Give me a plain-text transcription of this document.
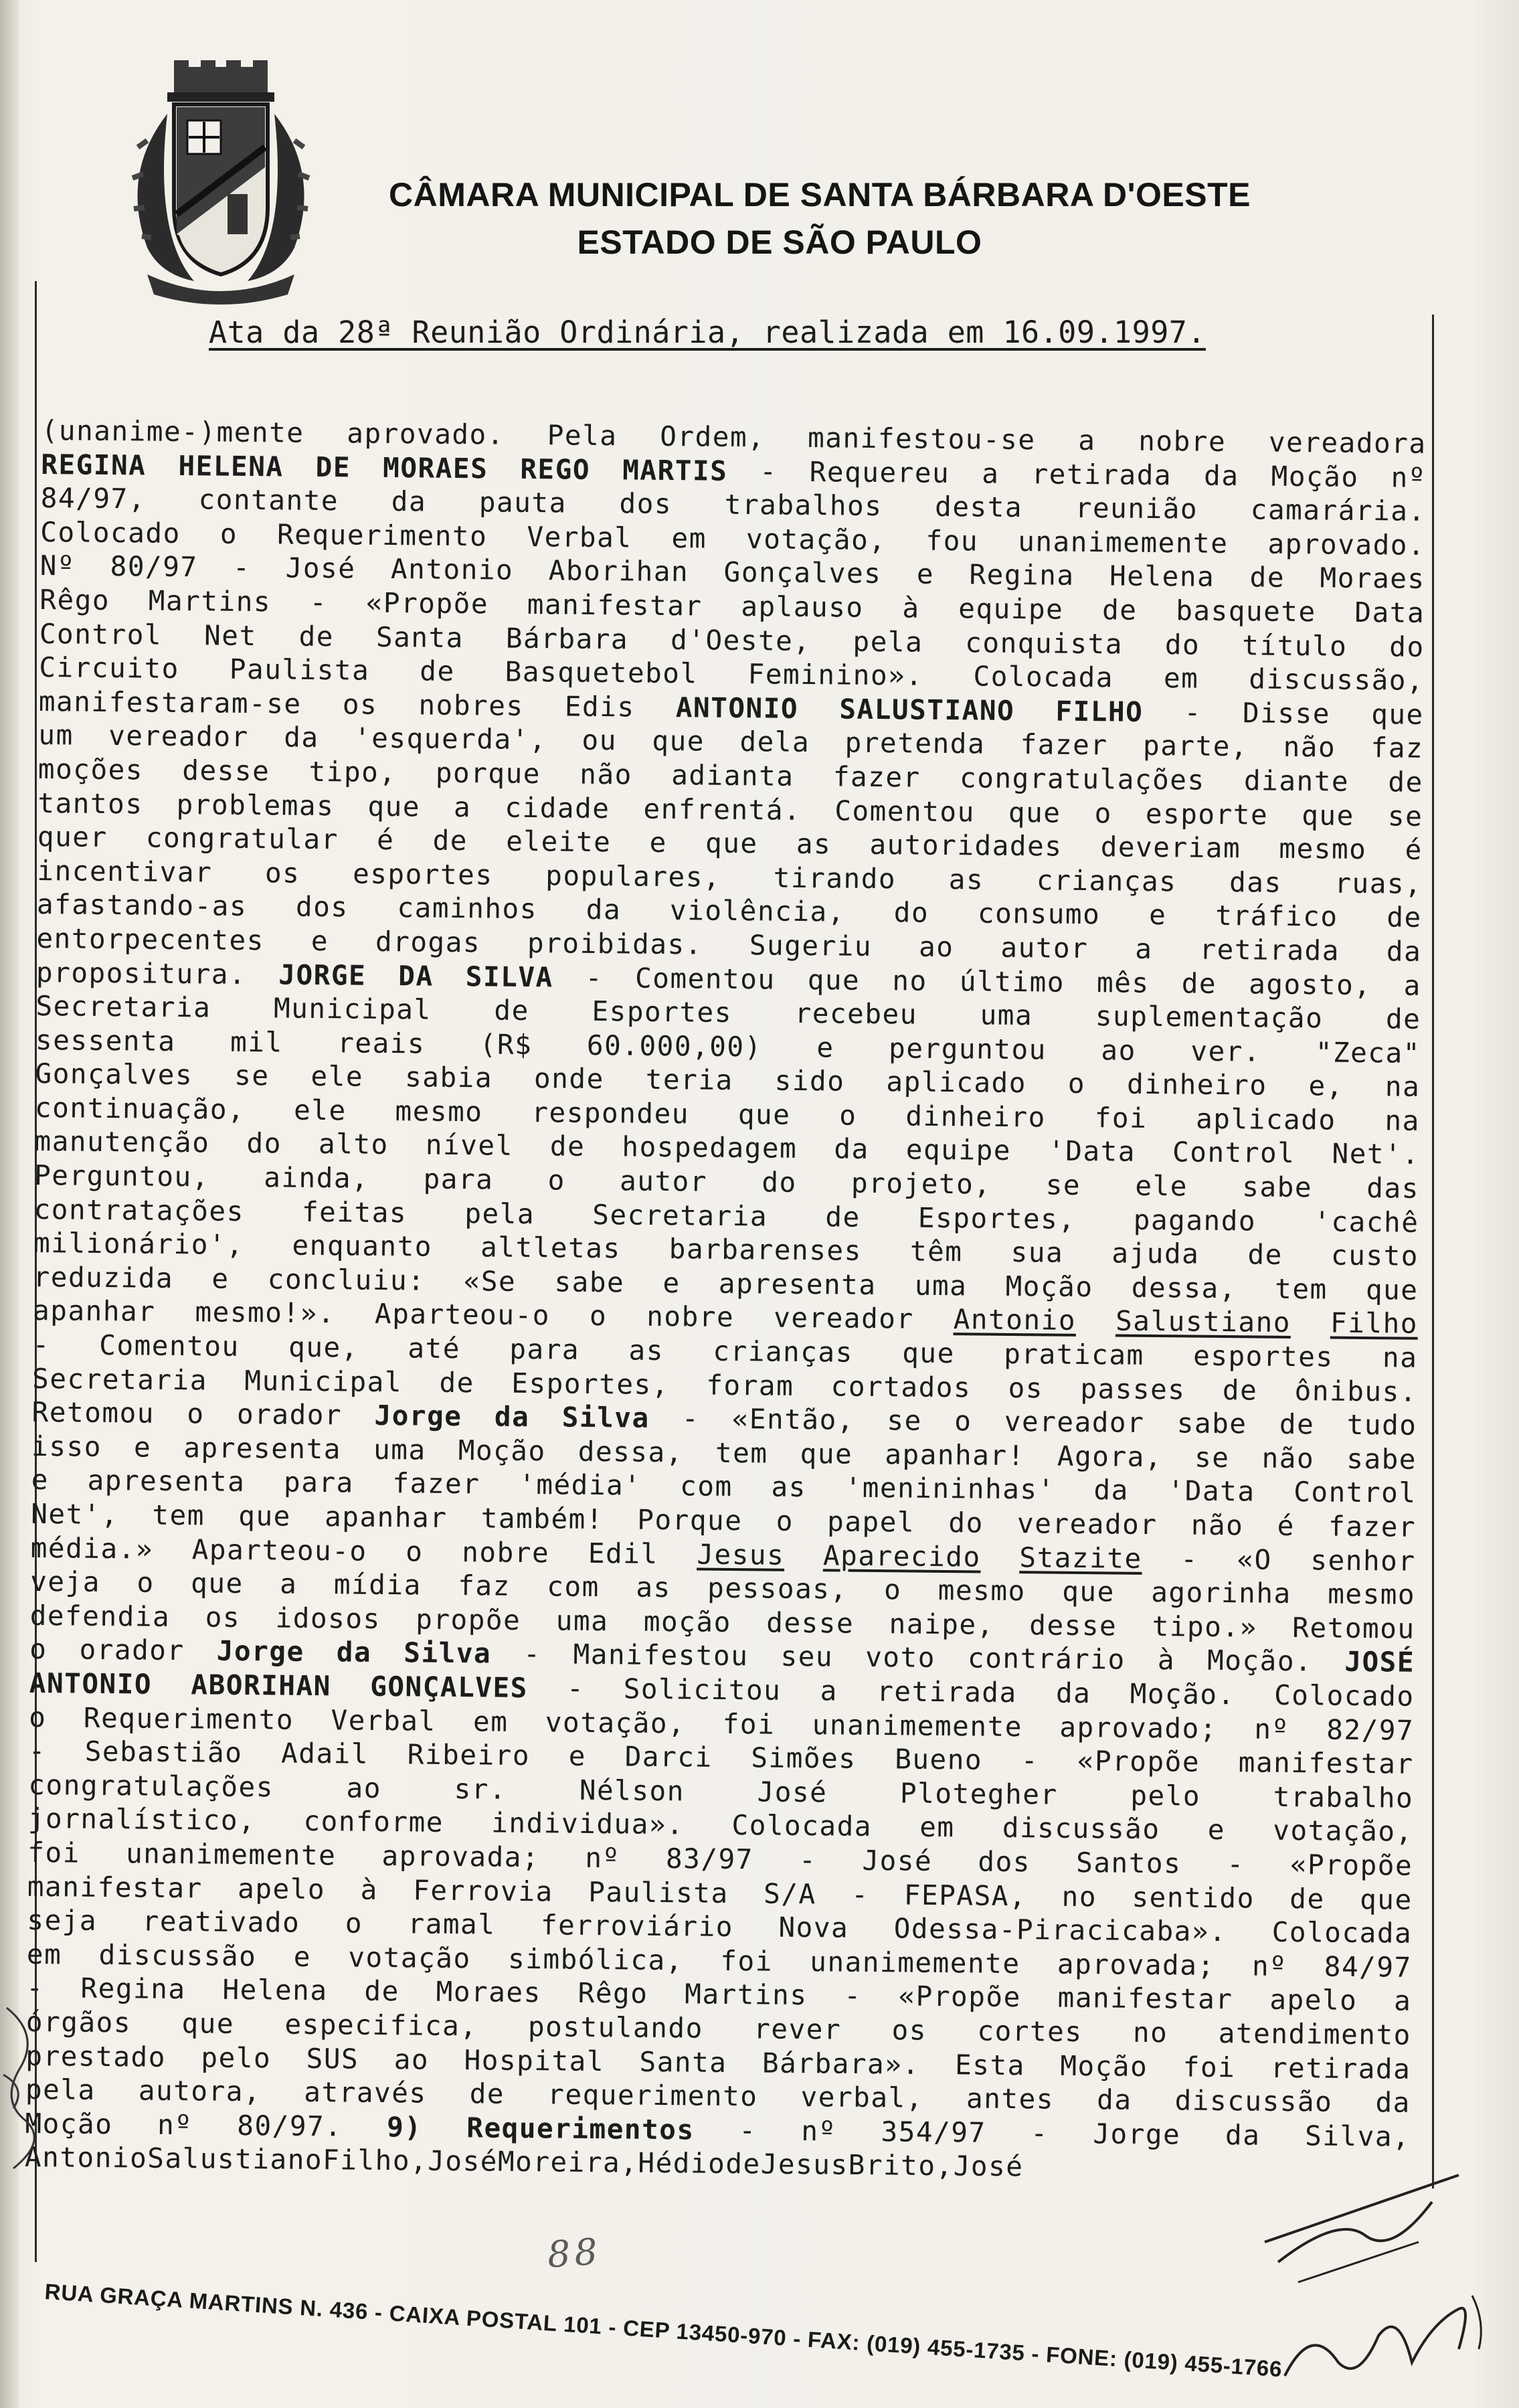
CÂMARA MUNICIPAL DE SANTA BÁRBARA D'OESTE
ESTADO DE SÃO PAULO
Ata da 28ª Reunião Ordinária, realizada em 16.09.1997.
(unanime-)mente aprovado. Pela Ordem, manifestou-se a nobre vereadora
REGINA HELENA DE MORAES REGO MARTIS - Requereu a retirada da Moção nº
84/97, contante da pauta dos trabalhos desta reunião camarária.
Colocado o Requerimento Verbal em votação, fou unanimemente aprovado.
Nº 80/97 - José Antonio Aborihan Gonçalves e Regina Helena de Moraes
Rêgo Martins - «Propõe manifestar aplauso à equipe de basquete Data
Control Net de Santa Bárbara d'Oeste, pela conquista do título do
Circuito Paulista de Basquetebol Feminino». Colocada em discussão,
manifestaram-se os nobres Edis ANTONIO SALUSTIANO FILHO - Disse que
um vereador da 'esquerda', ou que dela pretenda fazer parte, não faz
moções desse tipo, porque não adianta fazer congratulações diante de
tantos problemas que a cidade enfrentá. Comentou que o esporte que se
quer congratular é de eleite e que as autoridades deveriam mesmo é
incentivar os esportes populares, tirando as crianças das ruas,
afastando-as dos caminhos da violência, do consumo e tráfico de
entorpecentes e drogas proibidas. Sugeriu ao autor a retirada da
propositura. JORGE DA SILVA - Comentou que no último mês de agosto, a
Secretaria Municipal de Esportes recebeu uma suplementação de
sessenta mil reais (R$ 60.000,00) e perguntou ao ver. "Zeca"
Gonçalves se ele sabia onde teria sido aplicado o dinheiro e, na
continuação, ele mesmo respondeu que o dinheiro foi aplicado na
manutenção do alto nível de hospedagem da equipe 'Data Control Net'.
Perguntou, ainda, para o autor do projeto, se ele sabe das
contratações feitas pela Secretaria de Esportes, pagando 'cachê
milionário', enquanto altletas barbarenses têm sua ajuda de custo
reduzida e concluiu: «Se sabe e apresenta uma Moção dessa, tem que
apanhar mesmo!». Aparteou-o o nobre vereador Antonio Salustiano Filho
- Comentou que, até para as crianças que praticam esportes na
Secretaria Municipal de Esportes, foram cortados os passes de ônibus.
Retomou o orador Jorge da Silva - «Então, se o vereador sabe de tudo
isso e apresenta uma Moção dessa, tem que apanhar! Agora, se não sabe
e apresenta para fazer 'média' com as 'menininhas' da 'Data Control
Net', tem que apanhar também! Porque o papel do vereador não é fazer
média.» Aparteou-o o nobre Edil Jesus Aparecido Stazite - «O senhor
veja o que a mídia faz com as pessoas, o mesmo que agorinha mesmo
defendia os idosos propõe uma moção desse naipe, desse tipo.» Retomou
o orador Jorge da Silva - Manifestou seu voto contrário à Moção. JOSÉ
ANTONIO ABORIHAN GONÇALVES - Solicitou a retirada da Moção. Colocado
o Requerimento Verbal em votação, foi unanimemente aprovado; nº 82/97
- Sebastião Adail Ribeiro e Darci Simões Bueno - «Propõe manifestar
congratulações	ao	sr.	Nélson	José	Plotegher	pelo	trabalho
jornalístico, conforme individua». Colocada em discussão e votação,
foi unanimemente aprovada; nº 83/97 - José dos Santos - «Propõe
manifestar apelo à Ferrovia Paulista S/A - FEPASA, no sentido de que
seja reativado o ramal ferroviário Nova Odessa-Piracicaba». Colocada
em discussão e votação simbólica, foi unanimemente aprovada; nº 84/97
- Regina Helena de Moraes Rêgo Martins - «Propõe manifestar apelo a
órgãos que especifica, postulando rever os cortes no atendimento
prestado pelo SUS ao Hospital Santa Bárbara». Esta Moção foi retirada
pela autora, através de requerimento verbal, antes da discussão da
Moção nº 80/97. 9) Requerimentos - nº 354/97 - Jorge da Silva,
Antonio Salustiano Filho, José Moreira, Hédio de Jesus Brito, José
88
RUA GRAÇA MARTINS N. 436 - CAIXA POSTAL 101 - CEP 13450-970 - FAX: (019) 455-1735 - FONE: (019) 455-1766
